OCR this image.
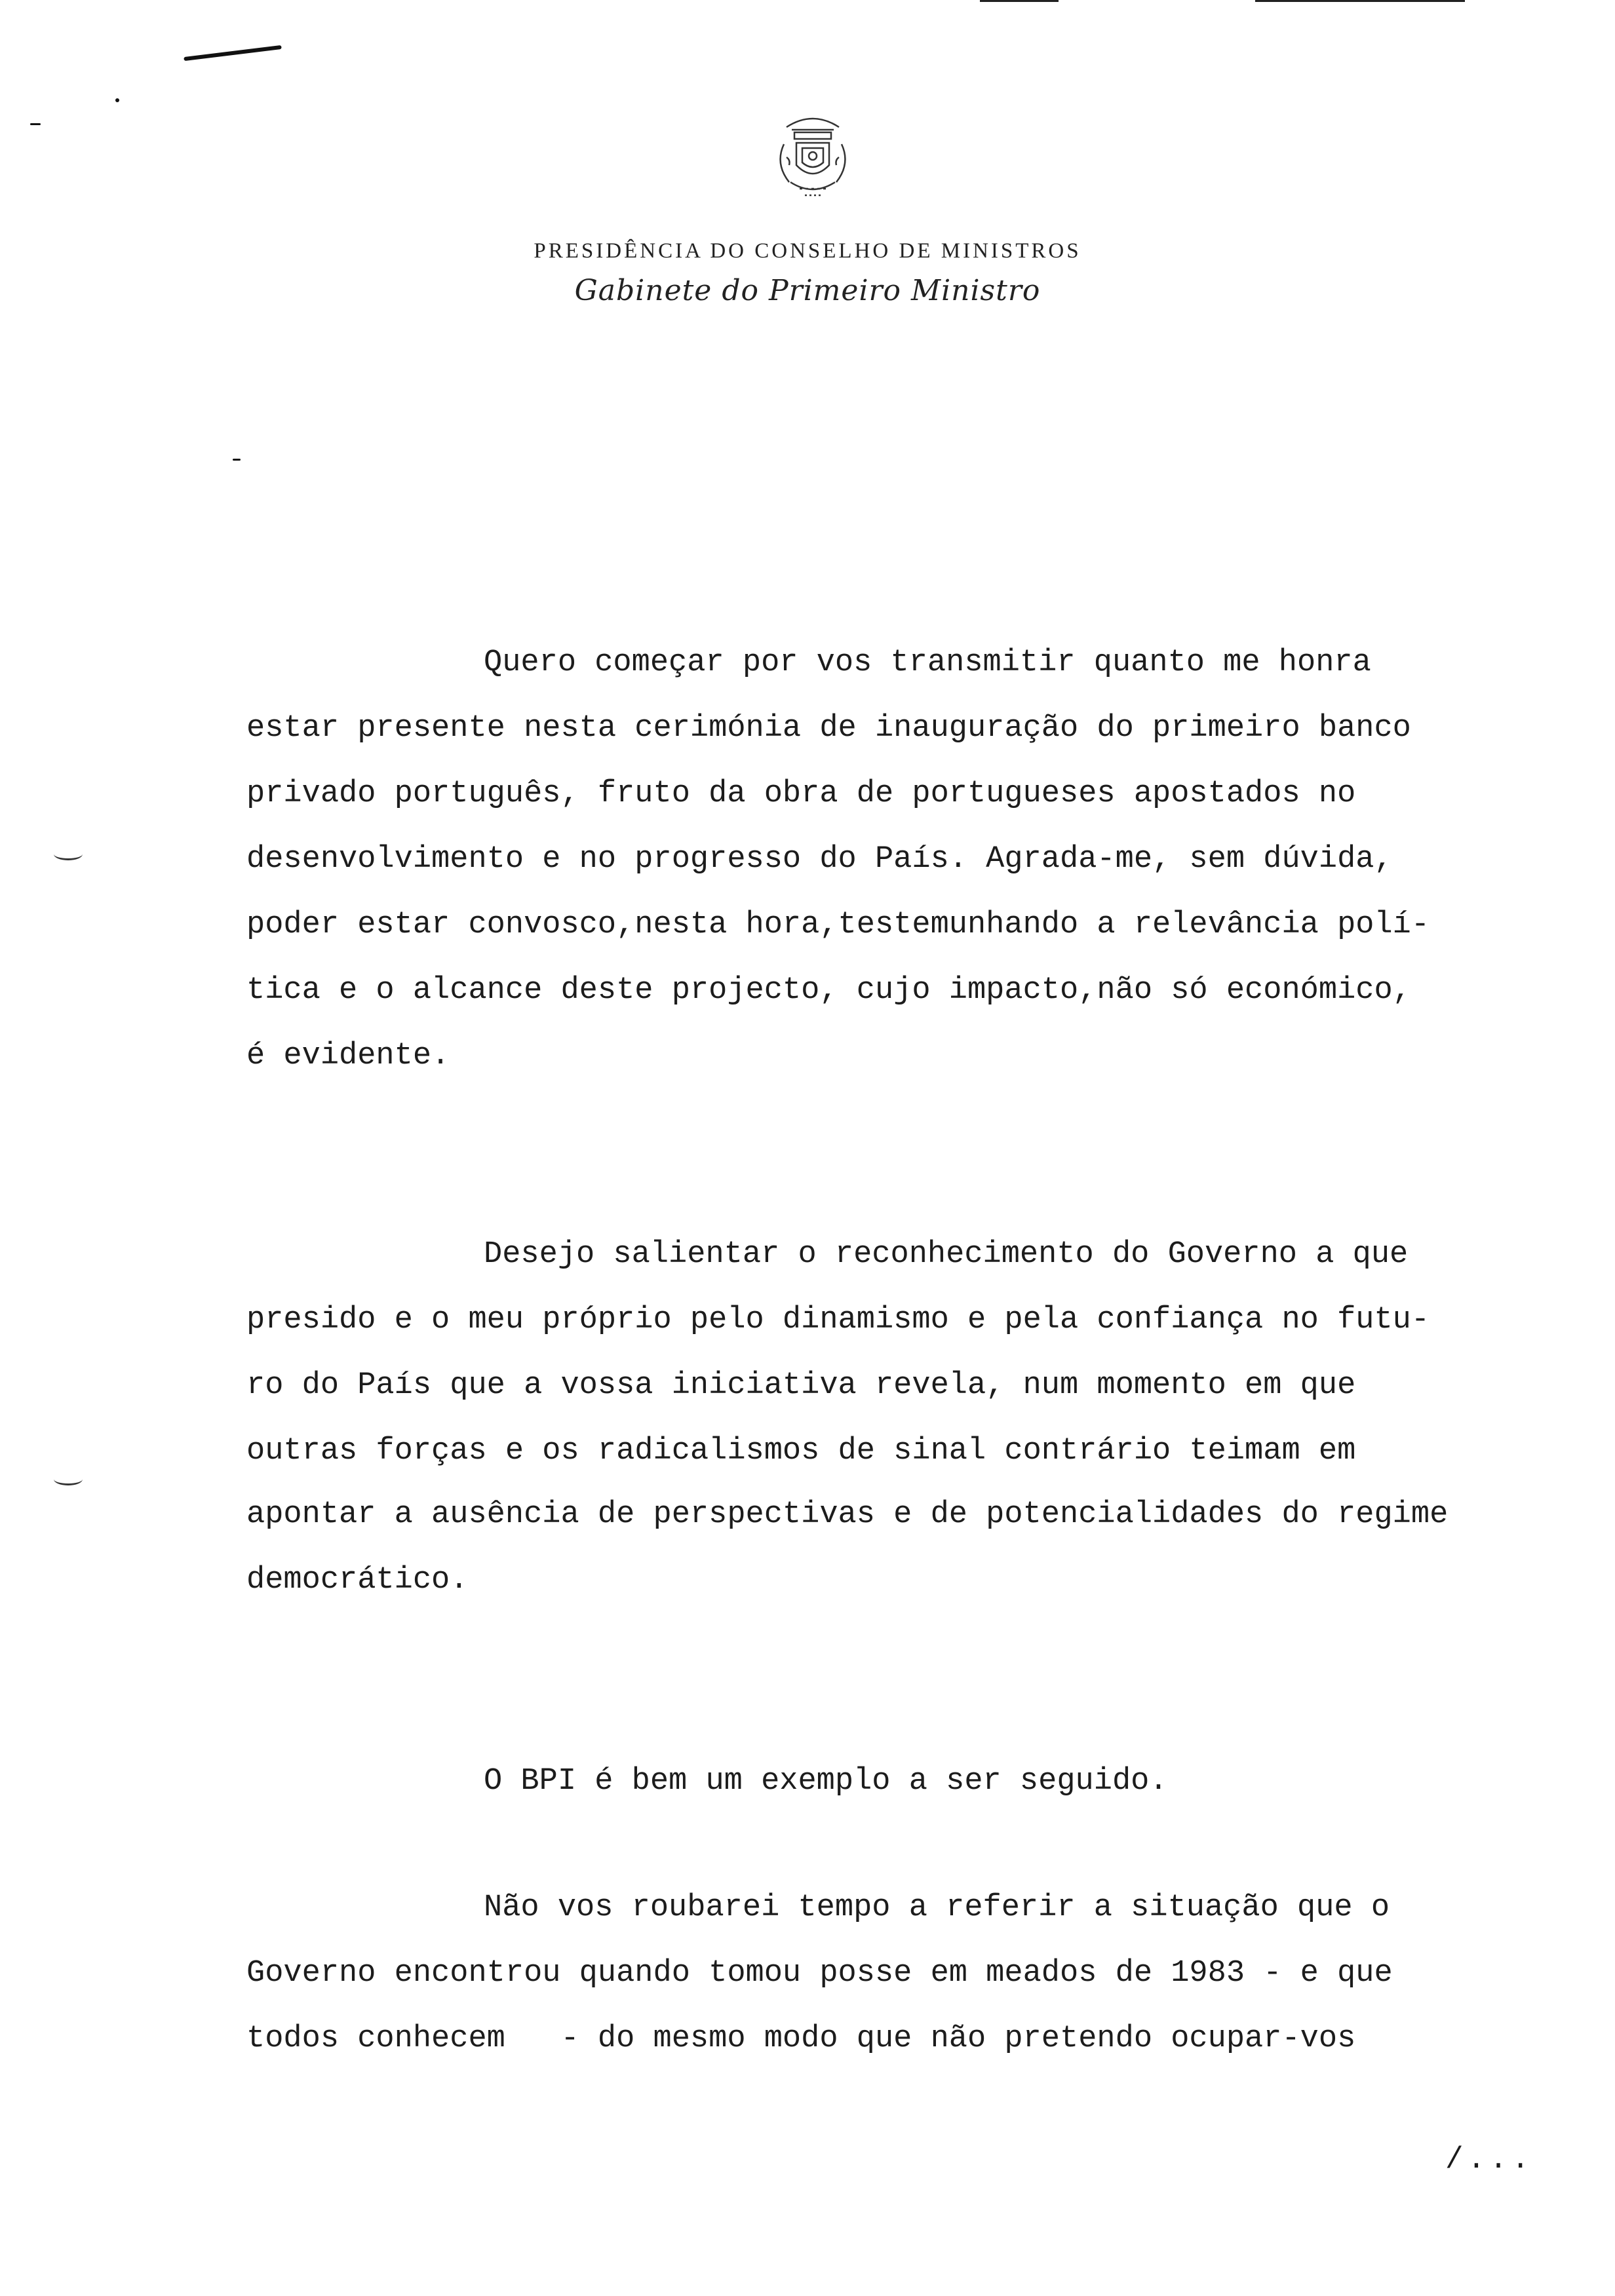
PRESIDÊNCIA DO CONSELHO DE MINISTROS
Gabinete do Primeiro Ministro
Quero começar por vos transmitir quanto me honra
estar presente nesta cerimónia de inauguração do primeiro banco
privado português, fruto da obra de portugueses apostados no
desenvolvimento e no progresso do País. Agrada-me, sem dúvida,
poder estar convosco,nesta hora,testemunhando a relevância polí-
tica e o alcance deste projecto, cujo impacto,não só económico,
é evidente.
Desejo salientar o reconhecimento do Governo a que
presido e o meu próprio pelo dinamismo e pela confiança no futu-
ro do País que a vossa iniciativa revela, num momento em que
outras forças e os radicalismos de sinal contrário teimam em
apontar a ausência de perspectivas e de potencialidades do regime
democrático.
O BPI é bem um exemplo a ser seguido.
Não vos roubarei tempo a referir a situação que o
Governo encontrou quando tomou posse em meados de 1983 - e que
todos conhecem   - do mesmo modo que não pretendo ocupar-vos
/...
